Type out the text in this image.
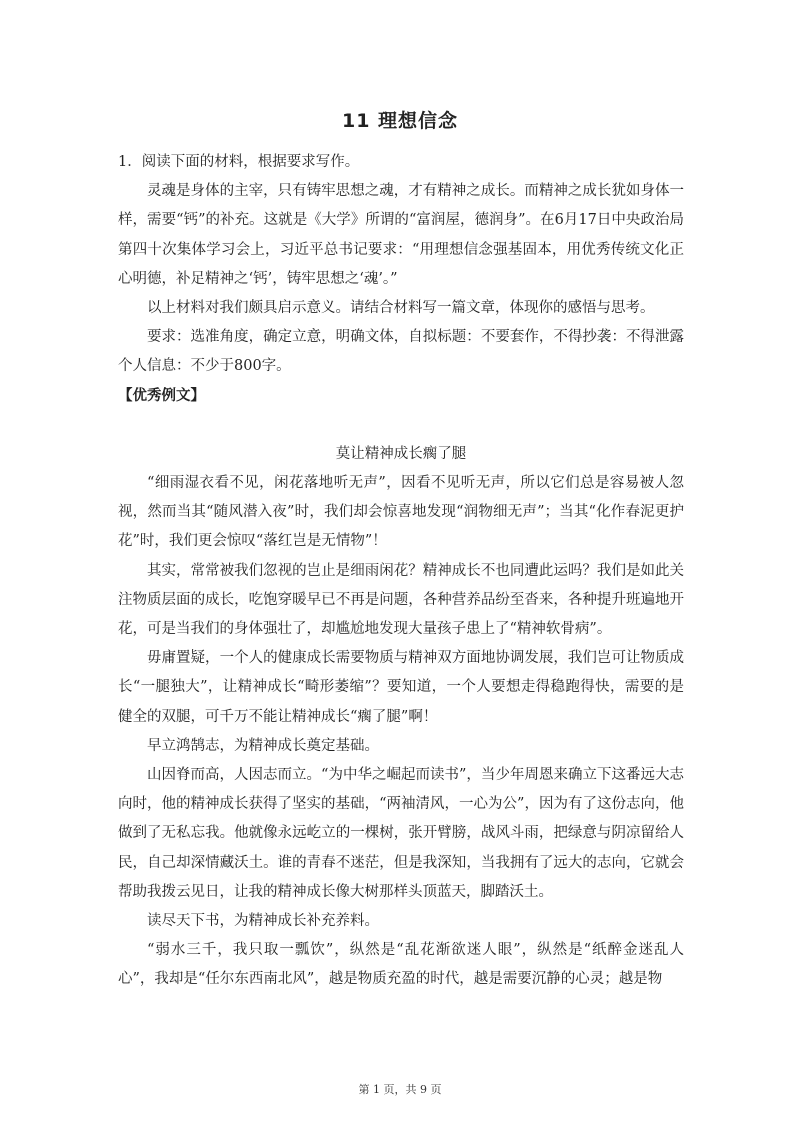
11 理想信念

1．阅读下面的材料，根据要求写作。

灵魂是身体的主宰，只有铸牢思想之魂，才有精神之成长。而精神之成长犹如身体一样，需要“钙”的补充。这就是《大学》所谓的“富润屋，德润身”。在6月17日中央政治局第四十次集体学习会上，习近平总书记要求：“用理想信念强基固本，用优秀传统文化正心明德，补足精神之‘钙’，铸牢思想之‘魂’。”

以上材料对我们颇具启示意义。请结合材料写一篇文章，体现你的感悟与思考。

要求：选准角度，确定立意，明确文体，自拟标题：不要套作，不得抄袭：不得泄露个人信息：不少于800字。

【优秀例文】

莫让精神成长瘸了腿

“细雨湿衣看不见，闲花落地听无声”，因看不见听无声，所以它们总是容易被人忽视，然而当其“随风潜入夜”时，我们却会惊喜地发现“润物细无声”；当其“化作春泥更护花”时，我们更会惊叹“落红岂是无情物”！

其实，常常被我们忽视的岂止是细雨闲花？精神成长不也同遭此运吗？我们是如此关注物质层面的成长，吃饱穿暖早已不再是问题，各种营养品纷至沓来，各种提升班遍地开花，可是当我们的身体强壮了，却尴尬地发现大量孩子患上了“精神软骨病”。

毋庸置疑，一个人的健康成长需要物质与精神双方面地协调发展，我们岂可让物质成长“一腿独大”，让精神成长“畸形萎缩”？要知道，一个人要想走得稳跑得快，需要的是健全的双腿，可千万不能让精神成长“瘸了腿”啊！

早立鸿鹄志，为精神成长奠定基础。

山因脊而高，人因志而立。“为中华之崛起而读书”，当少年周恩来确立下这番远大志向时，他的精神成长获得了坚实的基础，“两袖清风，一心为公”，因为有了这份志向，他做到了无私忘我。他就像永远屹立的一棵树，张开臂膀，战风斗雨，把绿意与阴凉留给人民，自己却深情藏沃土。谁的青春不迷茫，但是我深知，当我拥有了远大的志向，它就会帮助我拨云见日，让我的精神成长像大树那样头顶蓝天，脚踏沃土。

读尽天下书，为精神成长补充养料。

“弱水三千，我只取一瓢饮”，纵然是“乱花渐欲迷人眼”，纵然是“纸醉金迷乱人心”，我却是“任尔东西南北风”，越是物质充盈的时代，越是需要沉静的心灵；越是物

第 1 页，共 9 页
